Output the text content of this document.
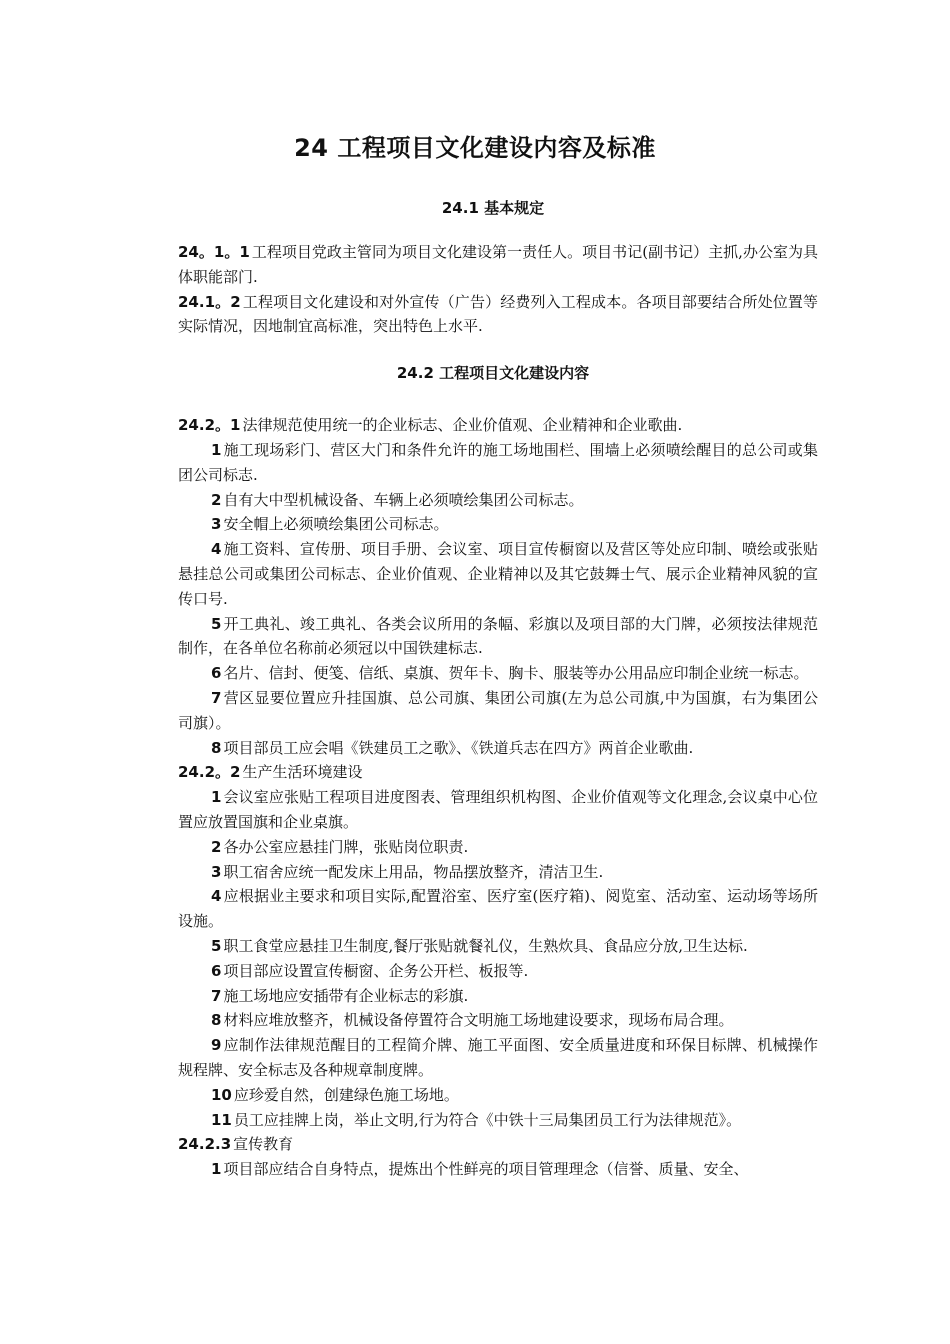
24 工程项目文化建设内容及标准
24.1 基本规定
24.2 工程项目文化建设内容

24。1。1 工程项目党政主管同为项目文化建设第一责任人。项目书记(副书记）主抓,办公室为具体职能部门.

24.1。2 工程项目文化建设和对外宣传（广告）经费列入工程成本。各项目部要结合所处位置等实际情况，因地制宜高标准，突出特色上水平.

24.2。1 法律规范使用统一的企业标志、企业价值观、企业精神和企业歌曲.

1 施工现场彩门、营区大门和条件允许的施工场地围栏、围墙上必须喷绘醒目的总公司或集团公司标志.

2 自有大中型机械设备、车辆上必须喷绘集团公司标志。

3 安全帽上必须喷绘集团公司标志。

4 施工资料、宣传册、项目手册、会议室、项目宣传橱窗以及营区等处应印制、喷绘或张贴悬挂总公司或集团公司标志、企业价值观、企业精神以及其它鼓舞士气、展示企业精神风貌的宣传口号.

5 开工典礼、竣工典礼、各类会议所用的条幅、彩旗以及项目部的大门牌，必须按法律规范制作，在各单位名称前必须冠以中国铁建标志.

6 名片、信封、便笺、信纸、桌旗、贺年卡、胸卡、服装等办公用品应印制企业统一标志。

7 营区显要位置应升挂国旗、总公司旗、集团公司旗(左为总公司旗,中为国旗，右为集团公司旗）。

8 项目部员工应会唱《铁建员工之歌》、《铁道兵志在四方》两首企业歌曲.

24.2。2 生产生活环境建设

1 会议室应张贴工程项目进度图表、管理组织机构图、企业价值观等文化理念,会议桌中心位置应放置国旗和企业桌旗。

2 各办公室应悬挂门牌，张贴岗位职责.

3 职工宿舍应统一配发床上用品，物品摆放整齐，清洁卫生.

4 应根据业主要求和项目实际,配置浴室、医疗室(医疗箱)、阅览室、活动室、运动场等场所设施。

5 职工食堂应悬挂卫生制度,餐厅张贴就餐礼仪，生熟炊具、食品应分放,卫生达标.

6 项目部应设置宣传橱窗、企务公开栏、板报等.

7 施工场地应安插带有企业标志的彩旗.

8 材料应堆放整齐，机械设备停置符合文明施工场地建设要求，现场布局合理。

9 应制作法律规范醒目的工程简介牌、施工平面图、安全质量进度和环保目标牌、机械操作规程牌、安全标志及各种规章制度牌。

10 应珍爱自然，创建绿色施工场地。

11 员工应挂牌上岗，举止文明,行为符合《中铁十三局集团员工行为法律规范》。

24.2.3 宣传教育

1 项目部应结合自身特点，提炼出个性鲜亮的项目管理理念（信誉、质量、安全、
